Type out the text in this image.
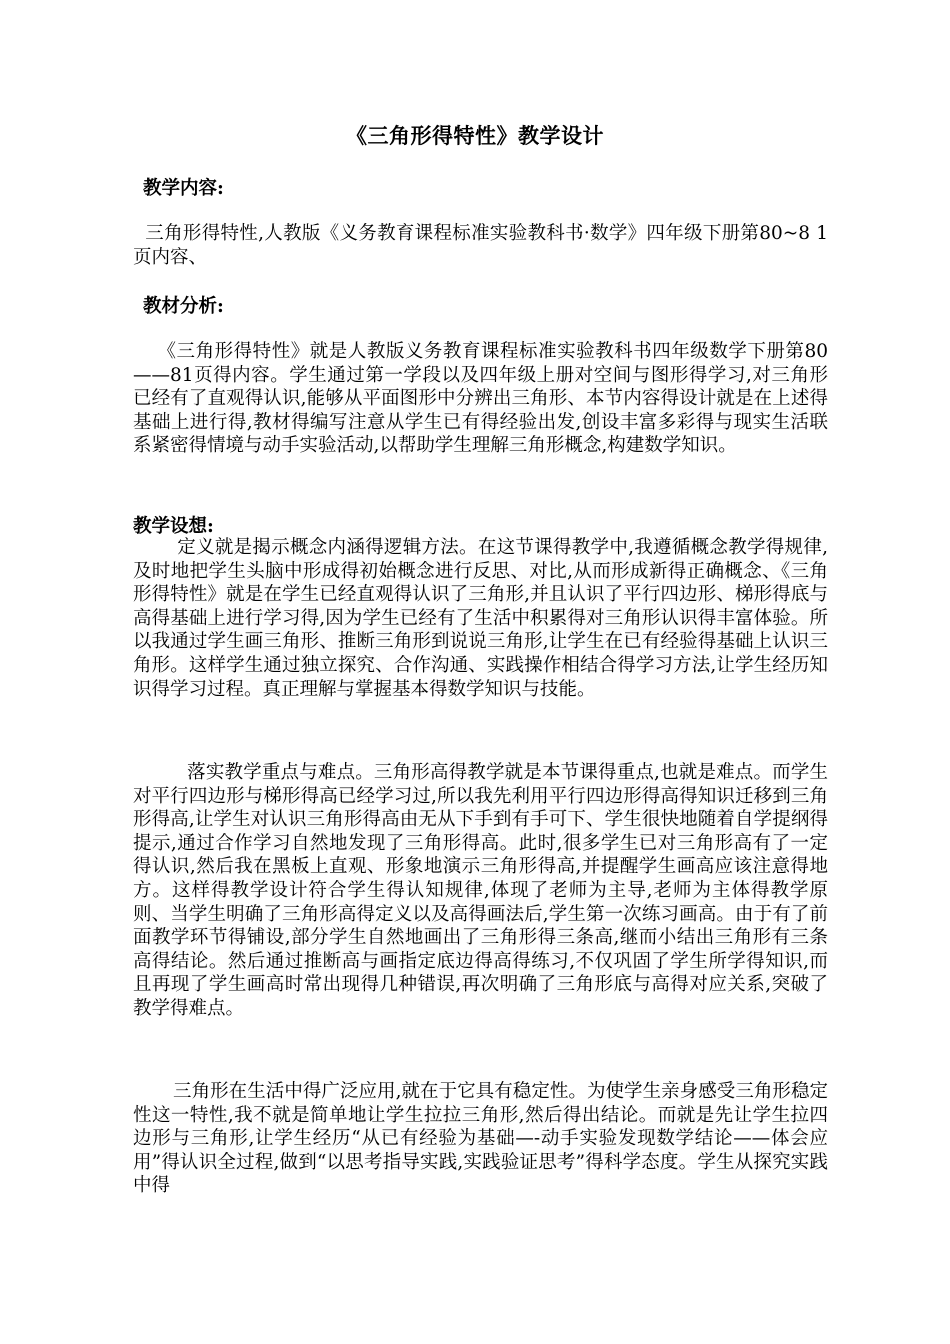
《三角形得特性》教学设计
教学内容:

三角形得特性,人教版《义务教育课程标准实验教科书·数学》四年级下册第80~8 1页内容、

教材分析:

《三角形得特性》就是人教版义务教育课程标准实验教科书四年级数学下册第80——81页得内容。学生通过第一学段以及四年级上册对空间与图形得学习,对三角形已经有了直观得认识,能够从平面图形中分辨出三角形、本节内容得设计就是在上述得基础上进行得,教材得编写注意从学生已有得经验出发,创设丰富多彩得与现实生活联系紧密得情境与动手实验活动,以帮助学生理解三角形概念,构建数学知识。

教学设想:

定义就是揭示概念内涵得逻辑方法。在这节课得教学中,我遵循概念教学得规律,及时地把学生头脑中形成得初始概念进行反思、对比,从而形成新得正确概念、《三角形得特性》就是在学生已经直观得认识了三角形,并且认识了平行四边形、梯形得底与高得基础上进行学习得,因为学生已经有了生活中积累得对三角形认识得丰富体验。所以我通过学生画三角形、推断三角形到说说三角形,让学生在已有经验得基础上认识三角形。这样学生通过独立探究、合作沟通、实践操作相结合得学习方法,让学生经历知识得学习过程。真正理解与掌握基本得数学知识与技能。

落实教学重点与难点。三角形高得教学就是本节课得重点,也就是难点。而学生对平行四边形与梯形得高已经学习过,所以我先利用平行四边形得高得知识迁移到三角形得高,让学生对认识三角形得高由无从下手到有手可下、学生很快地随着自学提纲得提示,通过合作学习自然地发现了三角形得高。此时,很多学生已对三角形高有了一定得认识,然后我在黑板上直观、形象地演示三角形得高,并提醒学生画高应该注意得地方。这样得教学设计符合学生得认知规律,体现了老师为主导,老师为主体得教学原则、当学生明确了三角形高得定义以及高得画法后,学生第一次练习画高。由于有了前面教学环节得铺设,部分学生自然地画出了三角形得三条高,继而小结出三角形有三条高得结论。然后通过推断高与画指定底边得高得练习,不仅巩固了学生所学得知识,而且再现了学生画高时常出现得几种错误,再次明确了三角形底与高得对应关系,突破了教学得难点。

三角形在生活中得广泛应用,就在于它具有稳定性。为使学生亲身感受三角形稳定性这一特性,我不就是简单地让学生拉拉三角形,然后得出结论。而就是先让学生拉四边形与三角形,让学生经历“从已有经验为基础—-动手实验发现数学结论——体会应用”得认识全过程,做到“以思考指导实践,实践验证思考”得科学态度。学生从探究实践中得
